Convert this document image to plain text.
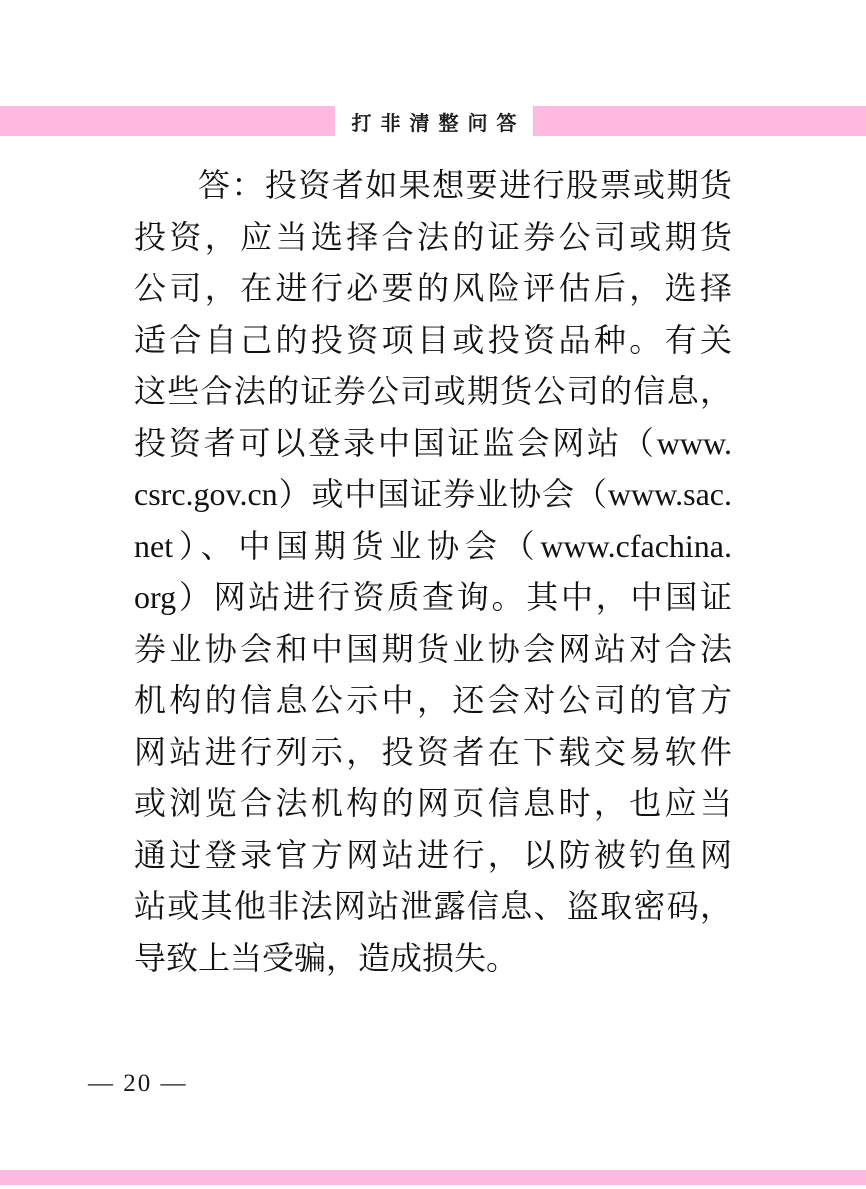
打非清整问答
答：投资者如果想要进行股票或期货
投资，应当选择合法的证券公司或期货
公司，在进行必要的风险评估后，选择
适合自己的投资项目或投资品种。有关
这些合法的证券公司或期货公司的信息，
投资者可以登录中国证监会网站（www.
csrc.gov.cn）或中国证券业协会（www.sac.
net）、中国期货业协会（www.cfachina.
org）网站进行资质查询。其中，中国证
券业协会和中国期货业协会网站对合法
机构的信息公示中，还会对公司的官方
网站进行列示，投资者在下载交易软件
或浏览合法机构的网页信息时，也应当
通过登录官方网站进行，以防被钓鱼网
站或其他非法网站泄露信息、盗取密码，
导致上当受骗，造成损失。
— 20 —
